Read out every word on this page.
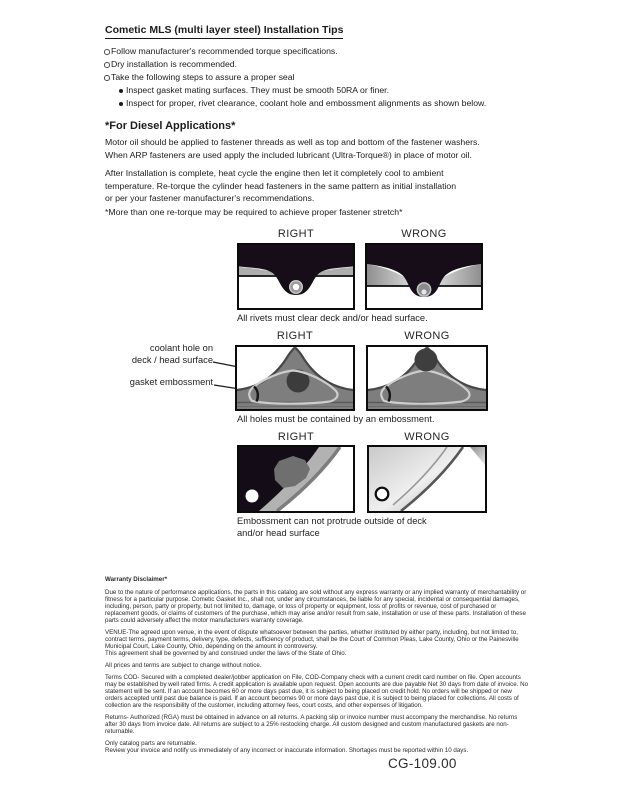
Cometic MLS (multi layer steel) Installation Tips
Follow manufacturer's recommended torque specifications.
Dry installation is recommended.
Take the following steps to assure a proper seal
Inspect gasket mating surfaces. They must be smooth 50RA or finer.
Inspect for proper, rivet clearance, coolant hole and embossment alignments as shown below.
*For Diesel Applications*
Motor oil should be applied to fastener threads as well as top and bottom of the fastener washers.
When ARP fasteners are used apply the included lubricant (Ultra-Torque®) in place of motor oil.
After Installation is complete, heat cycle the engine then let it completely cool to ambient
temperature. Re-torque the cylinder head fasteners in the same pattern as initial installation
or per your fastener manufacturer's recommendations.
*More than one re-torque may be required to achieve proper fastener stretch*
RIGHT	WRONG
All rivets must clear deck and/or head surface.
RIGHT	WRONG
coolant hole on
deck / head surface
gasket embossment
All holes must be contained by an embossment.
RIGHT	WRONG
Embossment can not protrude outside of deck
and/or head surface

Warranty Disclaimer*

Due to the nature of performance applications, the parts in this catalog are sold without any express warranty or any implied warranty of merchantability or fitness for a particular purpose. Cometic Gasket Inc., shall not, under any circumstances, be liable for any special, incidental or consequential damages, including, person, party or property, but not limited to, damage, or loss of property or equipment, loss of profits or revenue, cost of purchased or replacement goods, or claims of customers of the purchase, which may arise and/or result from sale, installation or use of these parts. Installation of these parts could adversely affect the motor manufacturers warranty coverage.

VENUE-The agreed upon venue, in the event of dispute whatsoever between the parties, whether instituted by either party, including, but not limited to, contract terms, payment terms, delivery, type, defects, sufficiency of product, shall be the Court of Common Pleas, Lake County, Ohio or the Painesville Municipal Court, Lake County, Ohio, depending on the amount in controversy.

This agreement shall be governed by and construed under the laws of the State of Ohio.

All prices and terms are subject to change without notice.

Terms COD- Secured with a completed dealer/jobber application on File, COD-Company check with a current credit card number on file. Open accounts may be established by well rated firms. A credit application is available upon request. Open accounts are due payable Net 30 days from date of invoice. No statement will be sent. If an account becomes 60 or more days past due, it is subject to being placed on credit hold. No orders will be shipped or new orders accepted until past due balance is paid. If an account becomes 90 or more days past due, it is subject to being placed for collections. All costs of collection are the responsibility of the customer, including attorney fees, court costs, and other expenses of litigation.

Returns- Authorized (RGA) must be obtained in advance on all returns. A packing slip or invoice number must accompany the merchandise. No returns after 30 days from invoice date. All returns are subject to a 25% restocking charge. All custom designed and custom manufactured gaskets are non-returnable.

Only catalog parts are returnable.

Review your invoice and notify us immediately of any incorrect or inaccurate information. Shortages must be reported within 10 days.

CG-109.00
